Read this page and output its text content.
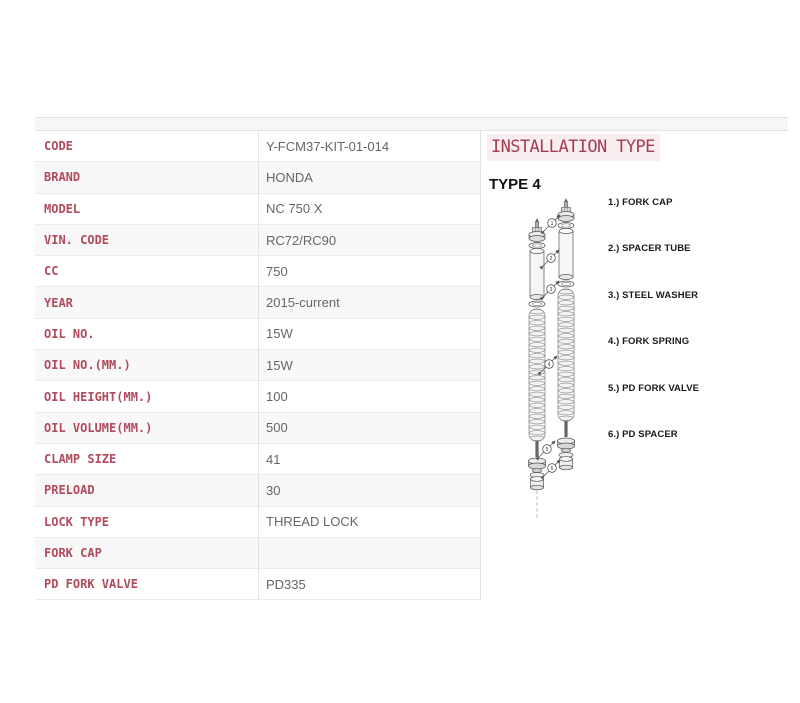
CODE	Y-FCM37-KIT-01-014
BRAND	HONDA
MODEL	NC 750 X
VIN. CODE	RC72/RC90
CC	750
YEAR	2015-current
OIL NO.	15W
OIL NO.(MM.)	15W
OIL HEIGHT(MM.)	100
OIL VOLUME(MM.)	500
CLAMP SIZE	41
PRELOAD	30
LOCK TYPE	THREAD LOCK
FORK CAP
PD FORK VALVE	PD335
INSTALLATION TYPE
TYPE 4
1
2
3
4
5
6
1.) FORK CAP
2.) SPACER TUBE
3.) STEEL WASHER
4.) FORK SPRING
5.) PD FORK VALVE
6.) PD SPACER
